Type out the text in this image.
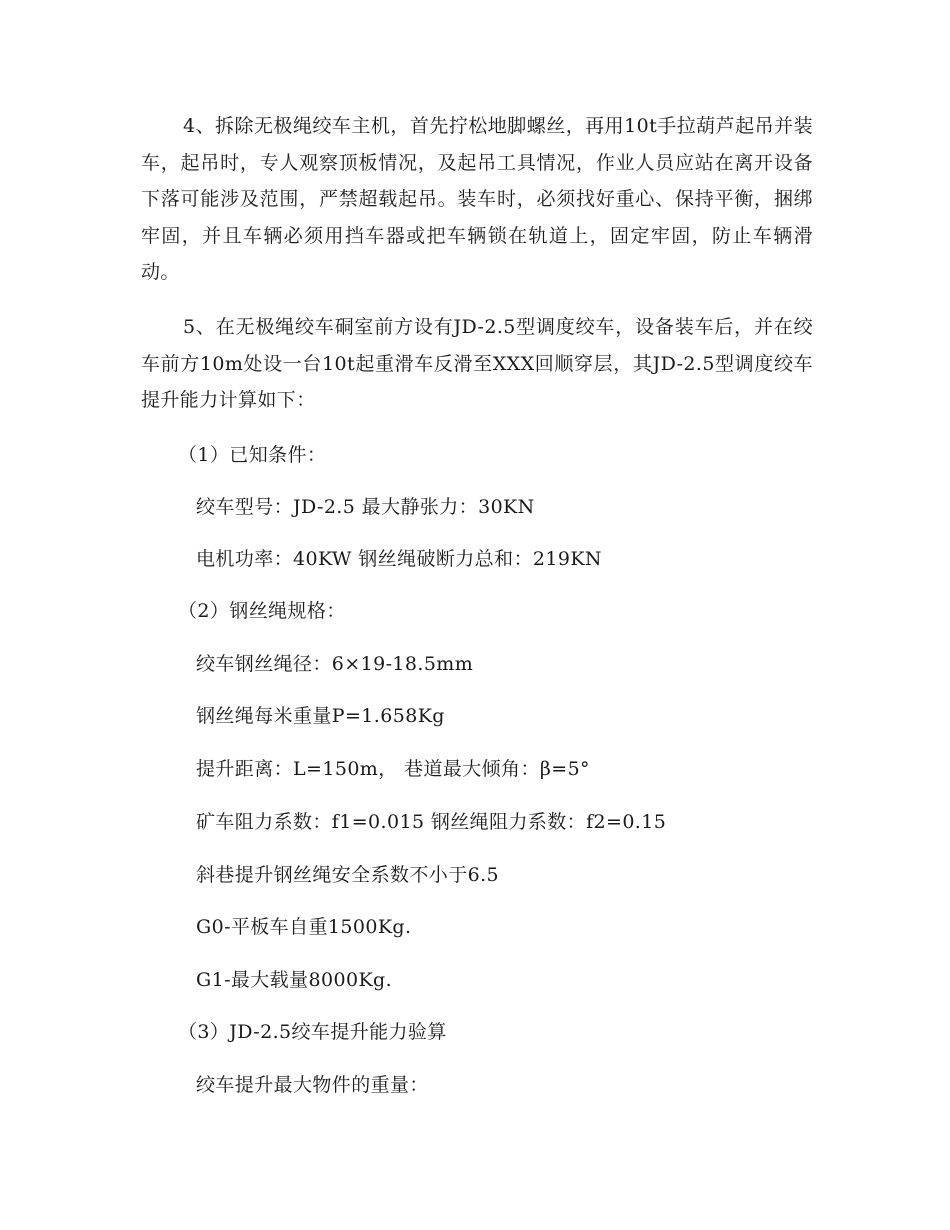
4、拆除无极绳绞车主机，首先拧松地脚螺丝，再用10t手拉葫芦起吊并装车，起吊时，专人观察顶板情况，及起吊工具情况，作业人员应站在离开设备下落可能涉及范围，严禁超载起吊。装车时，必须找好重心、保持平衡，捆绑牢固，并且车辆必须用挡车器或把车辆锁在轨道上，固定牢固，防止车辆滑动。

5、在无极绳绞车硐室前方设有JD-2.5型调度绞车，设备装车后，并在绞车前方10m处设一台10t起重滑车反滑至XXX回顺穿层，其JD-2.5型调度绞车提升能力计算如下：

（1）已知条件：

绞车型号：JD-2.5 最大静张力：30KN

电机功率：40KW 钢丝绳破断力总和：219KN

（2）钢丝绳规格：

绞车钢丝绳径：6×19-18.5mm

钢丝绳每米重量P=1.658Kg

提升距离：L=150m， 巷道最大倾角：β=5°

矿车阻力系数：f1=0.015 钢丝绳阻力系数：f2=0.15

斜巷提升钢丝绳安全系数不小于6.5

G0-平板车自重1500Kg.

G1-最大载量8000Kg.

（3）JD-2.5绞车提升能力验算

绞车提升最大物件的重量：
